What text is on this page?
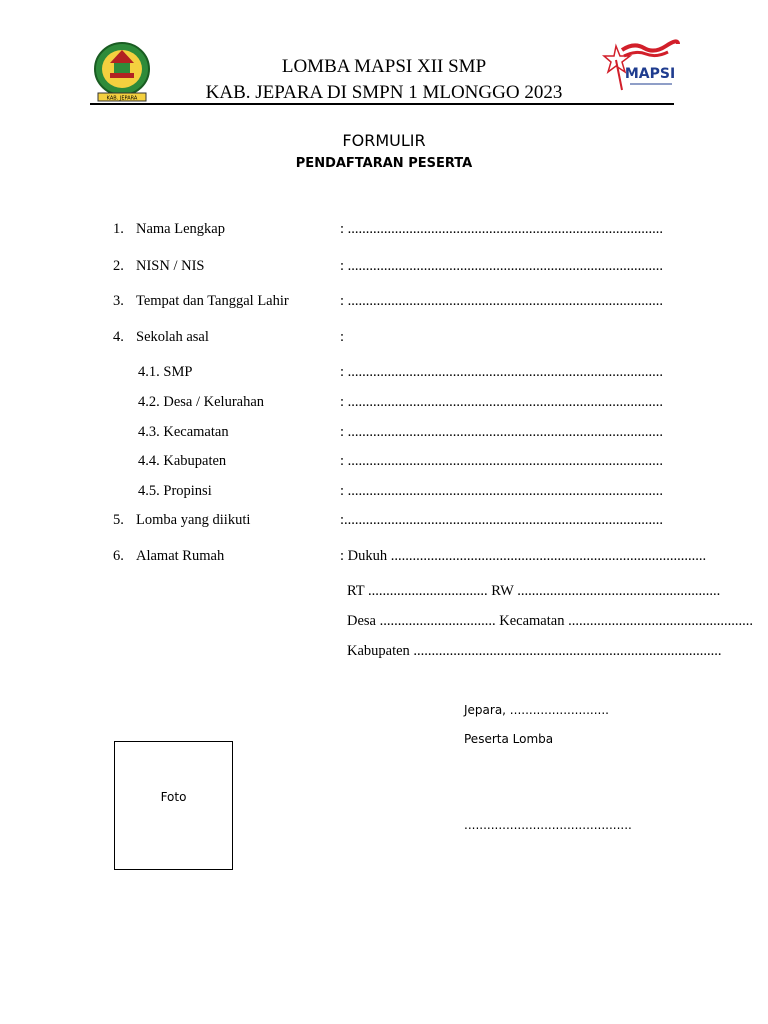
KAB. JEPARA
LOMBA MAPSI XII SMP
KAB. JEPARA DI SMPN 1 MLONGGO 2023
MAPSI
FORMULIR
PENDAFTARAN PESERTA
1. Nama Lengkap	: .......................................................................................
2. NISN / NIS	: .......................................................................................
3. Tempat dan Tanggal Lahir	: .......................................................................................
4. Sekolah asal	:
4.1. SMP	: .......................................................................................
4.2. Desa / Kelurahan	: .......................................................................................
4.3. Kecamatan	: .......................................................................................
4.4. Kabupaten	: .......................................................................................
4.5. Propinsi	: .......................................................................................
5. Lomba yang diikuti	:........................................................................................
6. Alamat Rumah	: Dukuh .......................................................................................
RT ................................. RW ........................................................
Desa ................................ Kecamatan ...................................................
Kabupaten .....................................................................................
Jepara, ..........................
Peserta Lomba
............................................
Foto
